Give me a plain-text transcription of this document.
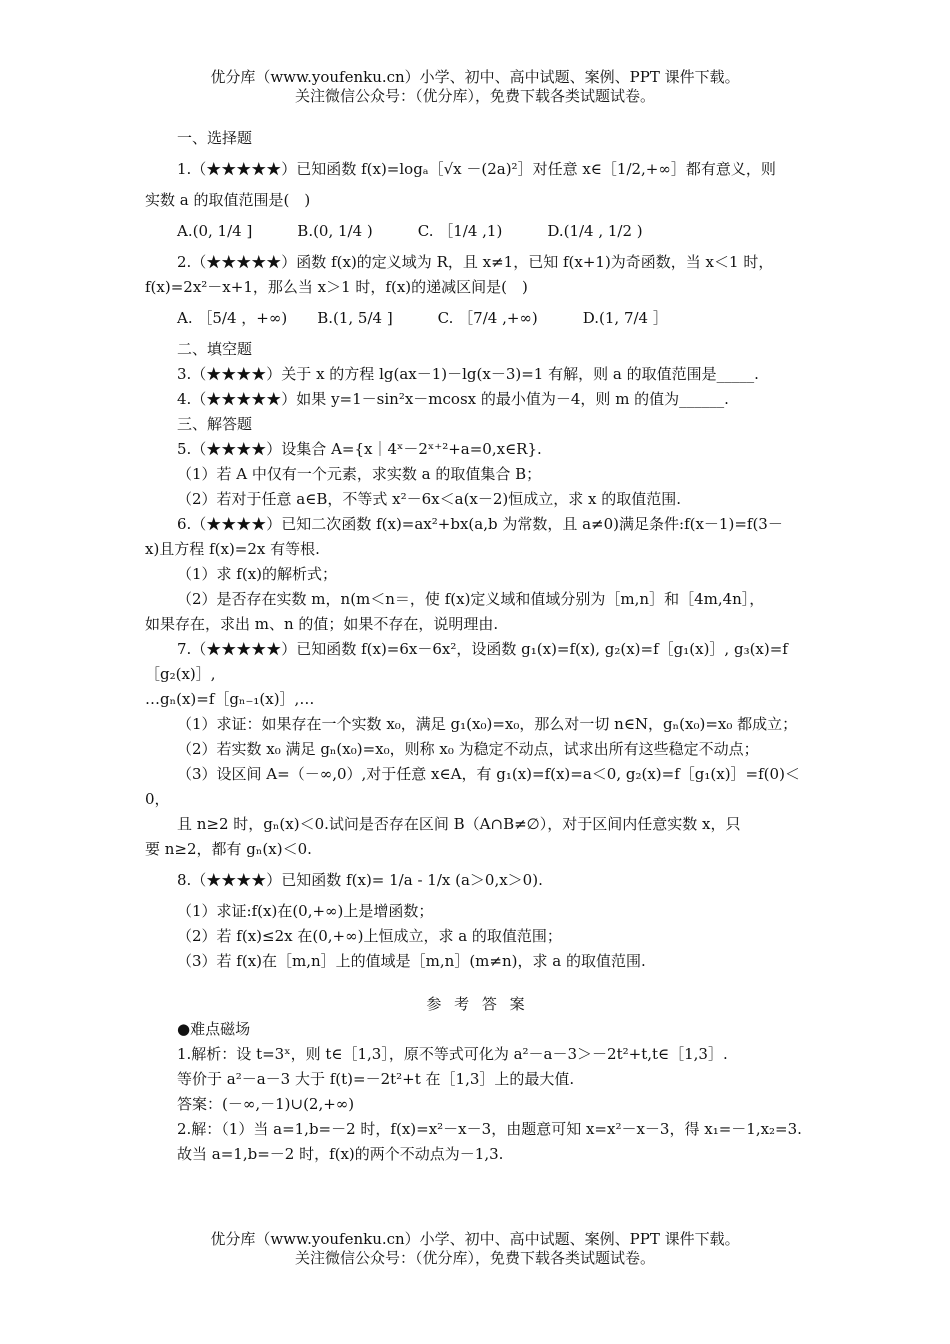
优分库（www.youfenku.cn）小学、初中、高中试题、案例、PPT 课件下载。
关注微信公众号：（优分库），免费下载各类试题试卷。

一、选择题

1.（★★★★★）已知函数 f(x)=logₐ［√x －(2a)²］对任意 x∈［1/2,+∞］都有意义，则

实数 a 的取值范围是(　)

A.(0, 1/4 ]　　　B.(0, 1/4 )　　　C. ［1/4 ,1)　　　D.(1/4 , 1/2 )

2.（★★★★★）函数 f(x)的定义域为 R，且 x≠1，已知 f(x+1)为奇函数，当 x＜1 时，

f(x)=2x²－x+1，那么当 x＞1 时，f(x)的递减区间是(　)

A. ［5/4 ，+∞)　　B.(1, 5/4 ]　　　C. ［7/4 ,+∞)　　　D.(1, 7/4 ］

二、填空题

3.（★★★★）关于 x 的方程 lg(ax－1)－lg(x－3)=1 有解，则 a 的取值范围是_____.

4.（★★★★★）如果 y=1－sin²x－mcosx 的最小值为－4，则 m 的值为______.

三、解答题

5.（★★★★）设集合 A={x｜4ˣ－2ˣ⁺²+a=0,x∈R}.

（1）若 A 中仅有一个元素，求实数 a 的取值集合 B；

（2）若对于任意 a∈B，不等式 x²－6x＜a(x－2)恒成立，求 x 的取值范围.

6.（★★★★）已知二次函数 f(x)=ax²+bx(a,b 为常数，且 a≠0)满足条件:f(x－1)=f(3－

x)且方程 f(x)=2x 有等根.

（1）求 f(x)的解析式；

（2）是否存在实数 m，n(m＜n＝，使 f(x)定义域和值域分别为［m,n］和［4m,4n］，

如果存在，求出 m、n 的值；如果不存在，说明理由.

7.（★★★★★）已知函数 f(x)=6x－6x²，设函数 g₁(x)=f(x), g₂(x)=f［g₁(x)］, g₃(x)=f

［g₂(x)］,

…gₙ(x)=f［gₙ₋₁(x)］,…

（1）求证：如果存在一个实数 x₀，满足 g₁(x₀)=x₀，那么对一切 n∈N，gₙ(x₀)=x₀ 都成立；

（2）若实数 x₀ 满足 gₙ(x₀)=x₀，则称 x₀ 为稳定不动点，试求出所有这些稳定不动点；

（3）设区间 A=（－∞,0）,对于任意 x∈A，有 g₁(x)=f(x)=a＜0, g₂(x)=f［g₁(x)］=f(0)＜

0，

且 n≥2 时，gₙ(x)＜0.试问是否存在区间 B（A∩B≠∅），对于区间内任意实数 x，只

要 n≥2，都有 gₙ(x)＜0.

8.（★★★★）已知函数 f(x)= 1/a - 1/x (a＞0,x＞0).

（1）求证:f(x)在(0,+∞)上是增函数；

（2）若 f(x)≤2x 在(0,+∞)上恒成立，求 a 的取值范围；

（3）若 f(x)在［m,n］上的值域是［m,n］(m≠n)，求 a 的取值范围.

参 考 答 案

●难点磁场

1.解析：设 t=3ˣ，则 t∈［1,3］，原不等式可化为 a²－a－3＞－2t²+t,t∈［1,3］.

等价于 a²－a－3 大于 f(t)=－2t²+t 在［1,3］上的最大值.

答案：(－∞,－1)∪(2,+∞)

2.解：（1）当 a=1,b=－2 时，f(x)=x²－x－3，由题意可知 x=x²－x－3，得 x₁=－1,x₂=3.

故当 a=1,b=－2 时，f(x)的两个不动点为－1,3.

优分库（www.youfenku.cn）小学、初中、高中试题、案例、PPT 课件下载。
关注微信公众号：（优分库），免费下载各类试题试卷。
